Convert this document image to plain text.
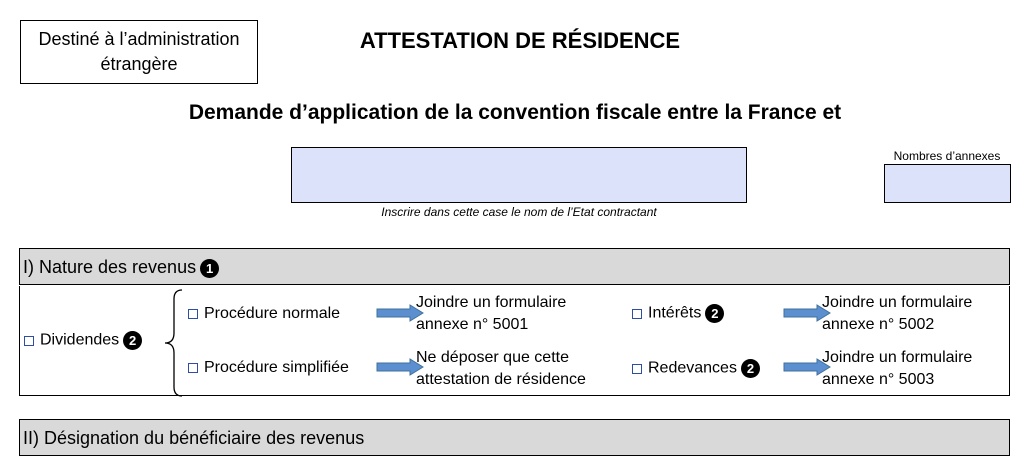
Destiné à l’administration
étrangère
ATTESTATION DE RÉSIDENCE
Demande d’application de la convention fiscale entre la France et
Inscrire dans cette case le nom de l’Etat contractant
Nombres d’annexes
I) Nature des revenus 1
Dividendes 2
Procédure normale
Joindre un formulaire
annexe n° 5001
Procédure simplifiée
Ne déposer que cette
attestation de résidence
Intérêts 2
Joindre un formulaire
annexe n° 5002
Redevances 2
Joindre un formulaire
annexe n° 5003
II) Désignation du bénéficiaire des revenus
